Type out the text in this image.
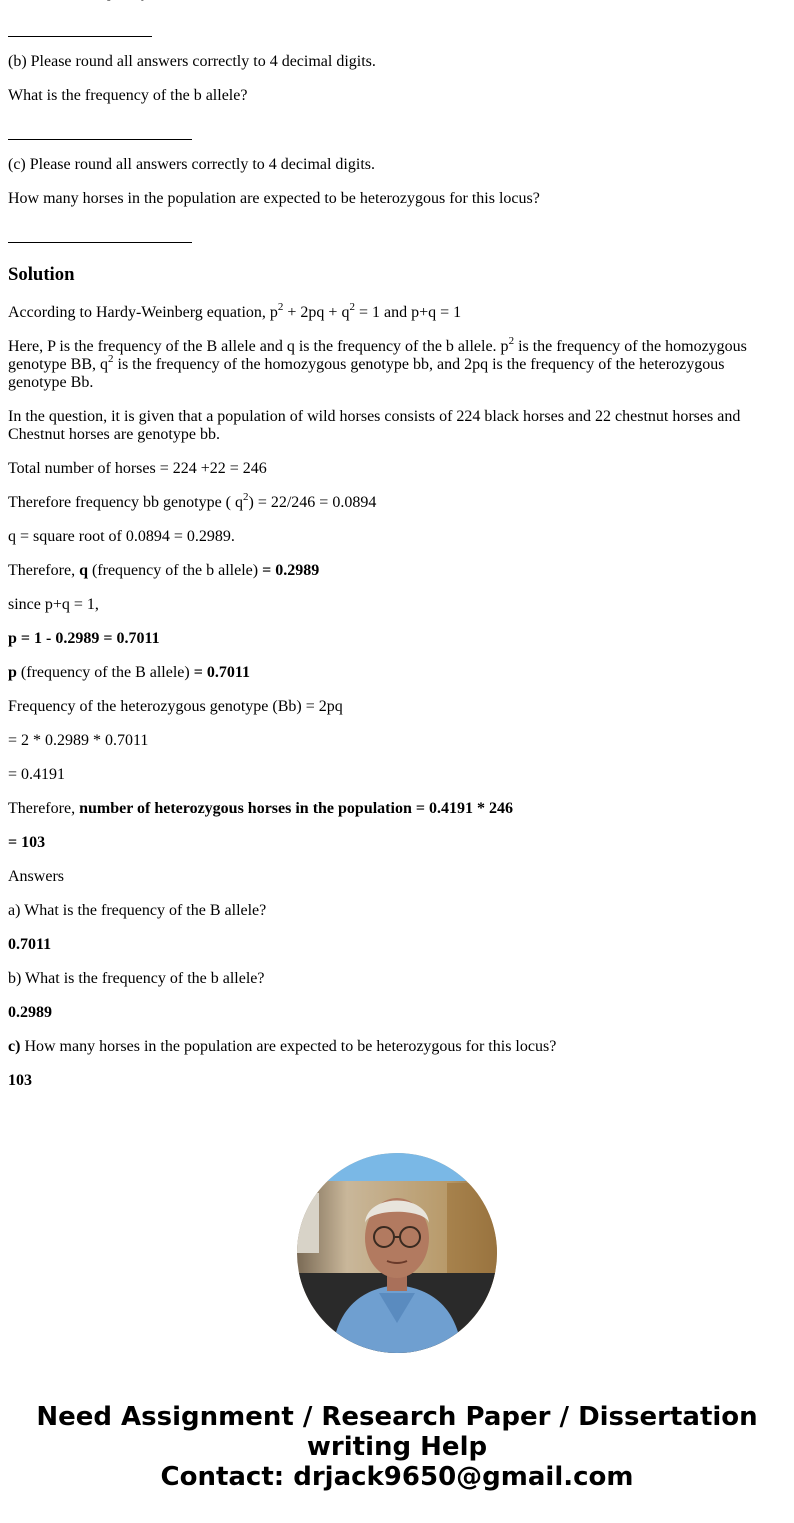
(b) Please round all answers correctly to 4 decimal digits.

What is the frequency of the b allele?

(c) Please round all answers correctly to 4 decimal digits.

How many horses in the population are expected to be heterozygous for this locus?

Solution

According to Hardy-Weinberg equation, $p^2 + 2pq + q^2 = 1$ and p+q = 1

Here, P is the frequency of the B allele and q is the frequency of the b allele. $p^2$ is the frequency of the homozygous genotype BB, $q^2$ is the frequency of the homozygous genotype bb, and 2pq is the frequency of the heterozygous genotype Bb.

In the question, it is given that a population of wild horses consists of 224 black horses and 22 chestnut horses and Chestnut horses are genotype bb.

Total number of horses = 224 +22 = 246

Therefore frequency bb genotype ( $q^2) = 22/246 = 0.0894$

q = square root of 0.0894 = 0.2989.

Therefore, q (frequency of the b allele) = 0.2989

since p+q = 1,

p = 1 - 0.2989 = 0.7011

p (frequency of the B allele) = 0.7011

Frequency of the heterozygous genotype (Bb) = 2pq

= 2 * 0.2989 * 0.7011

= 0.4191

Therefore, number of heterozygous horses in the population = 0.4191 * 246

= 103

Answers

a) What is the frequency of the B allele?

0.7011

b) What is the frequency of the b allele?

0.2989

c) How many horses in the population are expected to be heterozygous for this locus?

103

Need Assignment / Research Paper / Dissertation
writing Help
Contact: drjack9650@gmail.com
